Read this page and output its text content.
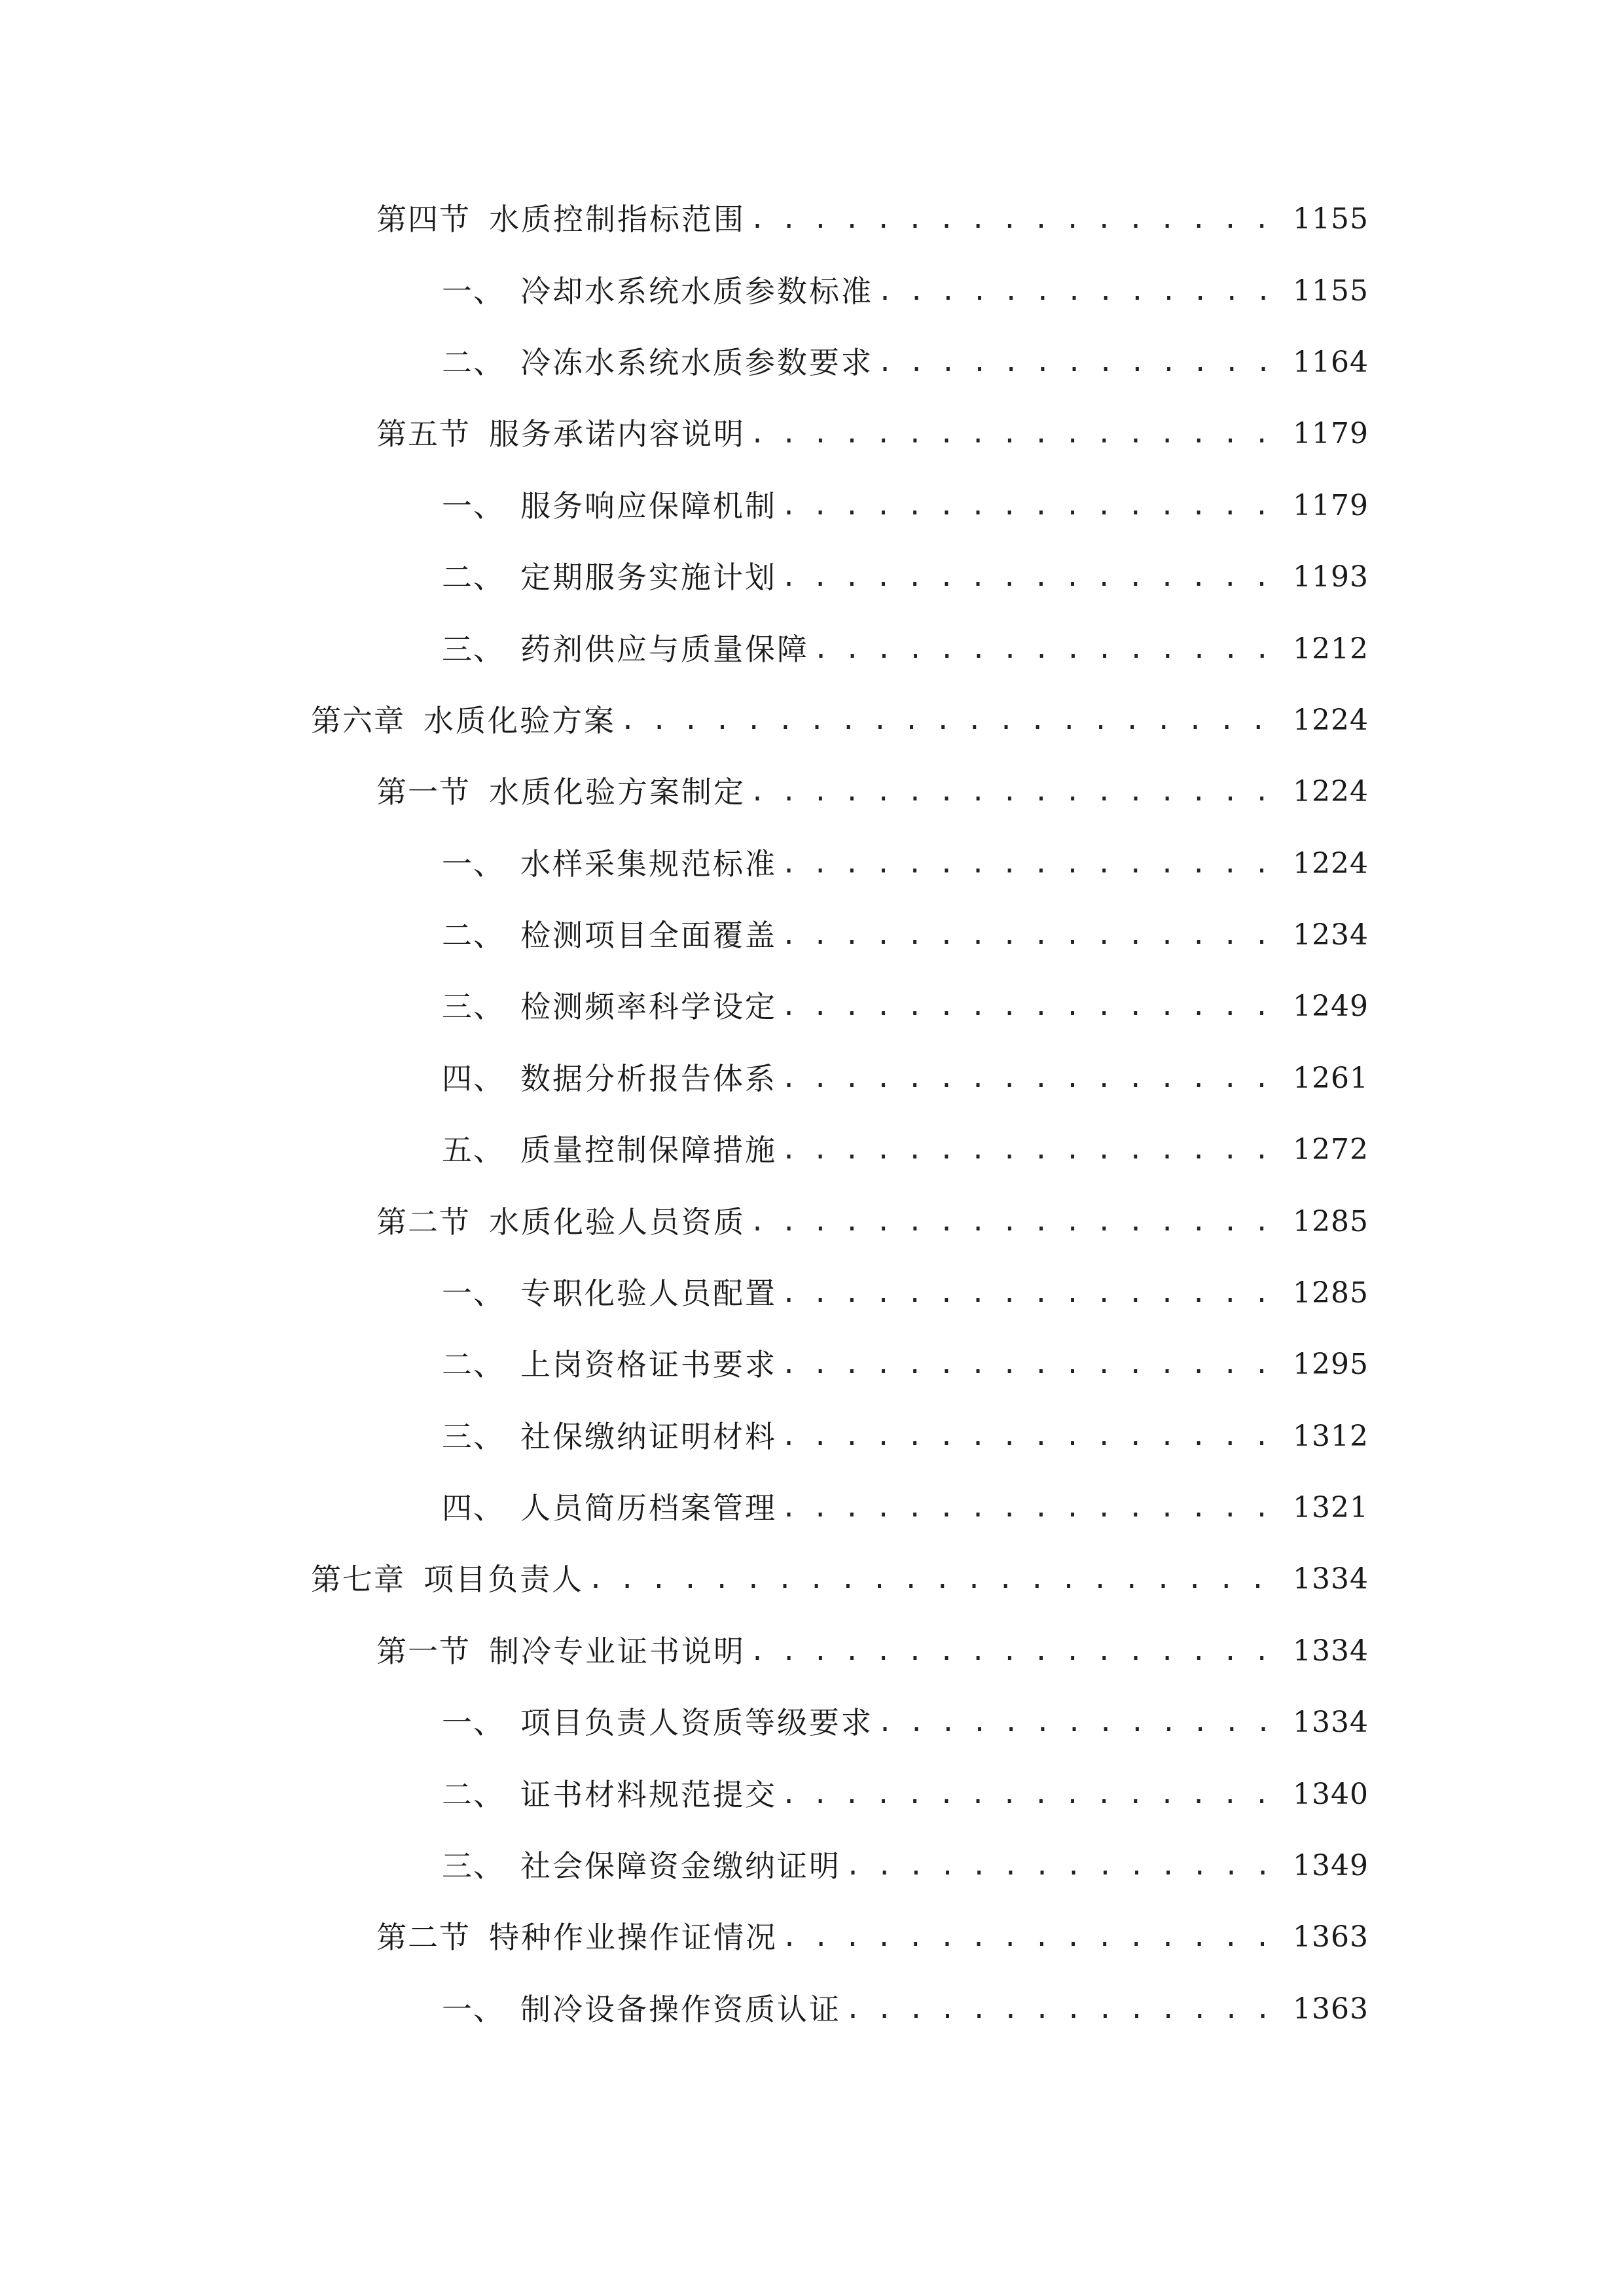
第四节 水质控制指标范围 . . .	1155
一、 冷却水系统水质参数标准 . . .	1155
二、 冷冻水系统水质参数要求 . . .	1164
第五节 服务承诺内容说明 . . .	1179
一、 服务响应保障机制 . . .	1179
二、 定期服务实施计划 . . .	1193
三、 药剂供应与质量保障 . . .	1212
第六章 水质化验方案 . . .	1224
第一节 水质化验方案制定 . . .	1224
一、 水样采集规范标准 . . .	1224
二、 检测项目全面覆盖 . . .	1234
三、 检测频率科学设定 . . .	1249
四、 数据分析报告体系 . . .	1261
五、 质量控制保障措施 . . .	1272
第二节 水质化验人员资质 . . .	1285
一、 专职化验人员配置 . . .	1285
二、 上岗资格证书要求 . . .	1295
三、 社保缴纳证明材料 . . .	1312
四、 人员简历档案管理 . . .	1321
第七章 项目负责人 . . .	1334
第一节 制冷专业证书说明 . . .	1334
一、 项目负责人资质等级要求 . . .	1334
二、 证书材料规范提交 . . .	1340
三、 社会保障资金缴纳证明 . . .	1349
第二节 特种作业操作证情况 . . .	1363
一、 制冷设备操作资质认证 . . .	1363
